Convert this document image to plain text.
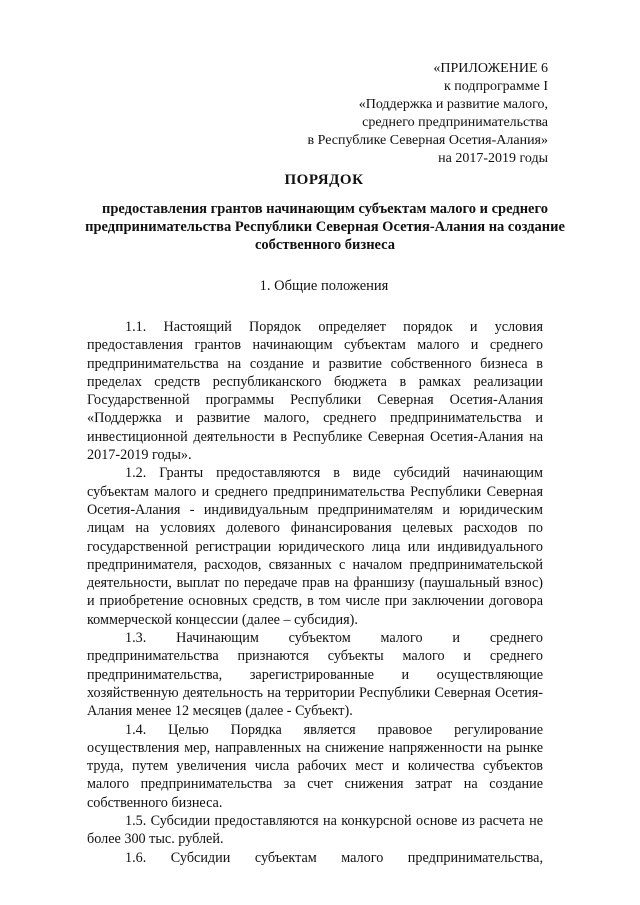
«ПРИЛОЖЕНИЕ 6
к подпрограмме I
«Поддержка и развитие малого,
среднего предпринимательства
в Республике Северная Осетия-Алания»
на 2017-2019 годы
ПОРЯДОК
предоставления грантов начинающим субъектам малого и среднего предпринимательства Республики Северная Осетия-Алания на создание собственного бизнеса
1. Общие положения

1.1. Настоящий Порядок определяет порядок и условия предоставления грантов начинающим субъектам малого и среднего предпринимательства на создание и развитие собственного бизнеса в пределах средств республиканского бюджета в рамках реализации Государственной программы Республики Северная Осетия-Алания «Поддержка и развитие малого, среднего предпринимательства и инвестиционной деятельности в Республике Северная Осетия-Алания на 2017-2019 годы».

1.2. Гранты предоставляются в виде субсидий начинающим субъектам малого и среднего предпринимательства Республики Северная Осетия-Алания - индивидуальным предпринимателям и юридическим лицам на условиях долевого финансирования целевых расходов по государственной регистрации юридического лица или индивидуального предпринимателя, расходов, связанных с началом предпринимательской деятельности, выплат по передаче прав на франшизу (паушальный взнос) и приобретение основных средств, в том числе при заключении договора коммерческой концессии (далее – субсидия).

1.3. Начинающим субъектом малого и среднего предпринимательства признаются субъекты малого и среднего предпринимательства, зарегистрированные и осуществляющие хозяйственную деятельность на территории Республики Северная Осетия-Алания менее 12 месяцев (далее - Субъект).

1.4. Целью Порядка является правовое регулирование осуществления мер, направленных на снижение напряженности на рынке труда, путем увеличения числа рабочих мест и количества субъектов малого предпринимательства за счет снижения затрат на создание собственного бизнеса.

1.5. Субсидии предоставляются на конкурсной основе из расчета не более 300 тыс. рублей.

1.6. Субсидии субъектам малого предпринимательства,
